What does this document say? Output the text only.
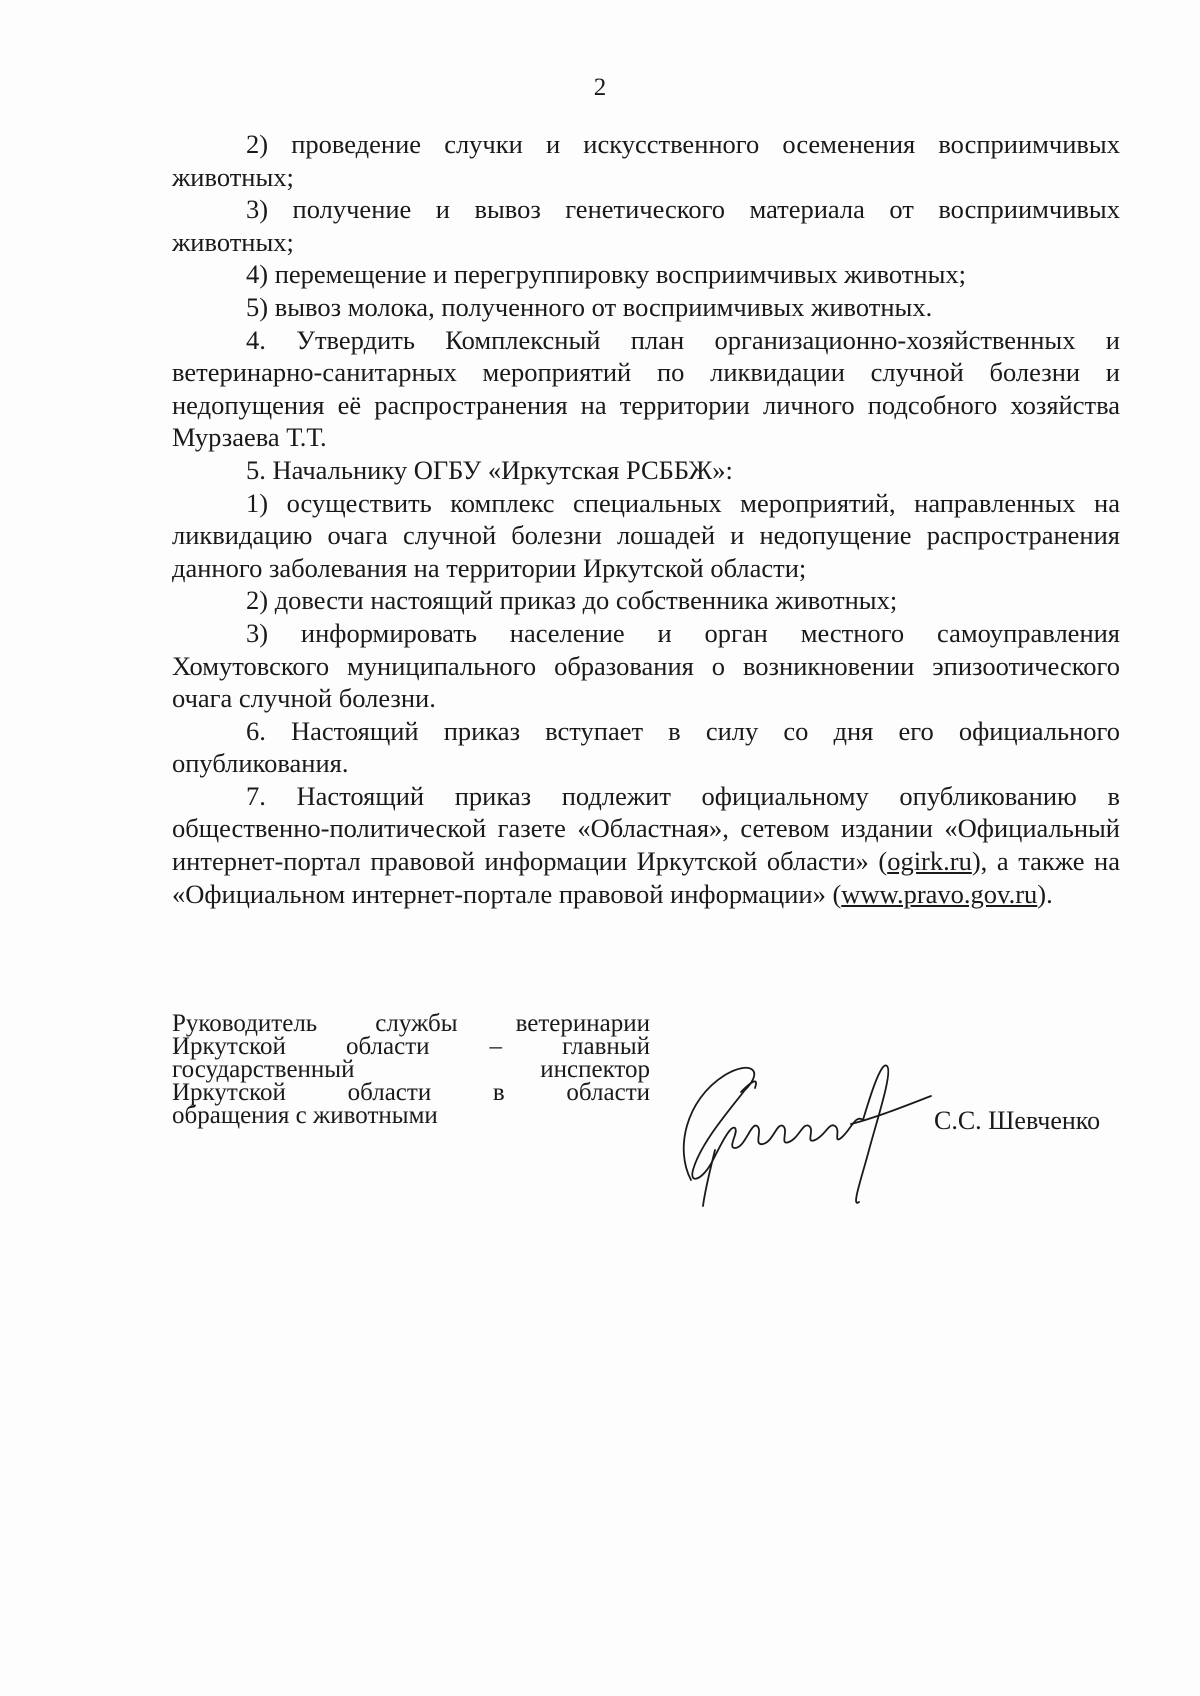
2

2) проведение случки и искусственного осеменения восприимчивых животных;

3) получение и вывоз генетического материала от восприимчивых животных;

4) перемещение и перегруппировку восприимчивых животных;

5) вывоз молока, полученного от восприимчивых животных.

4. Утвердить Комплексный план организационно-хозяйственных и ветеринарно-санитарных мероприятий по ликвидации случной болезни и недопущения её распространения на территории личного подсобного хозяйства Мурзаева Т.Т.

5. Начальнику ОГБУ «Иркутская РСББЖ»:

1) осуществить комплекс специальных мероприятий, направленных на ликвидацию очага случной болезни лошадей и недопущение распространения данного заболевания на территории Иркутской области;

2) довести настоящий приказ до собственника животных;

3) информировать население и орган местного самоуправления Хомутовского муниципального образования о возникновении эпизоотического очага случной болезни.

6. Настоящий приказ вступает в силу со дня его официального опубликования.

7. Настоящий приказ подлежит официальному опубликованию в общественно-политической газете «Областная», сетевом издании «Официальный интернет-портал правовой информации Иркутской области» (ogirk.ru), а также на «Официальном интернет-портале правовой информации» (www.pravo.gov.ru).

Руководитель службы ветеринарии
Иркутской области – главный
государственный инспектор
Иркутской области в области
обращения с животными	С.С. Шевченко
